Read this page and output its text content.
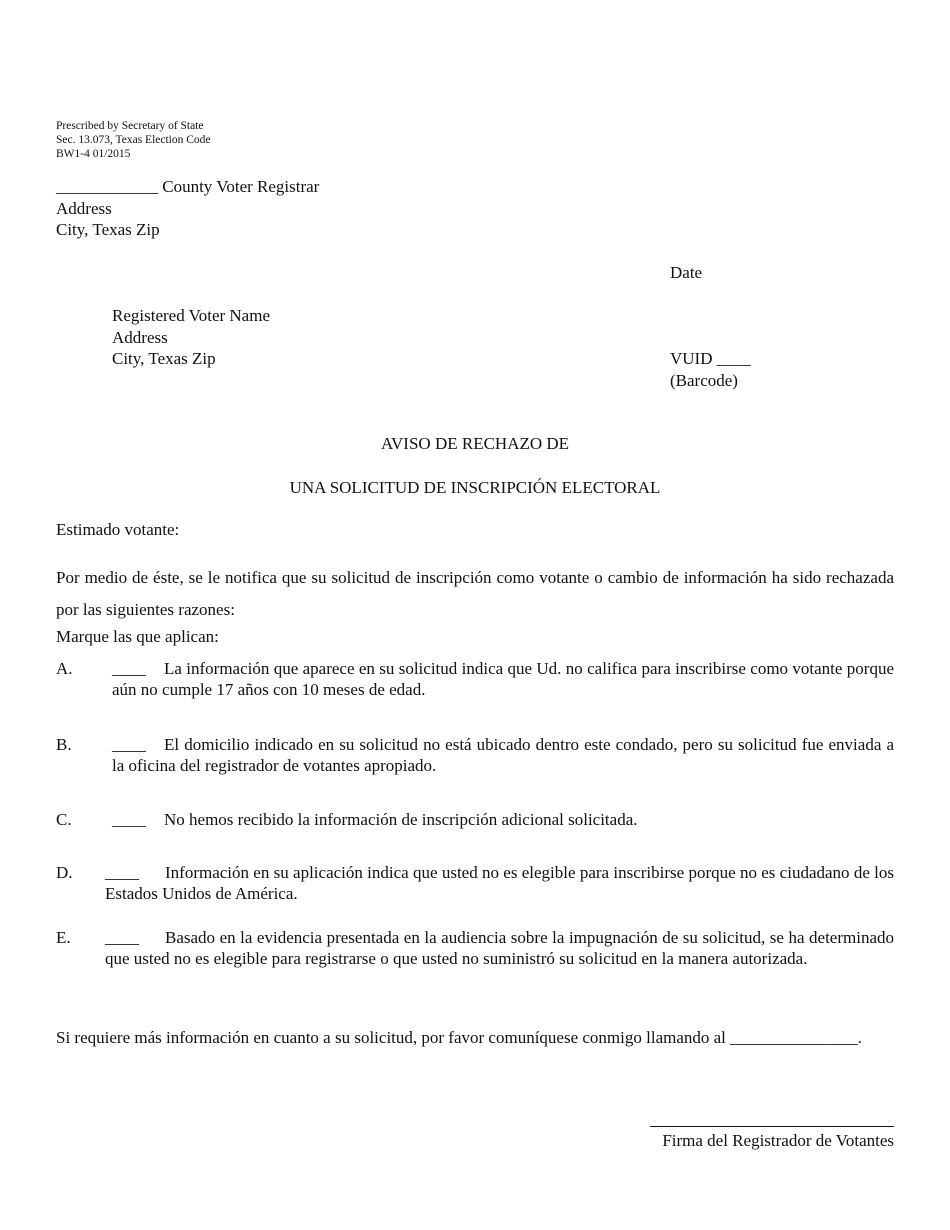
Prescribed by Secretary of State
Sec. 13.073, Texas Election Code
BW1-4 01/2015
____________ County Voter Registrar
Address
City, Texas Zip
Date
Registered Voter Name
Address
City, Texas Zip	VUID ____
(Barcode)
AVISO DE RECHAZO DE
UNA SOLICITUD DE INSCRIPCIÓN ELECTORAL
Estimado votante:
Por medio de éste, se le notifica que su solicitud de inscripción como votante o cambio de información ha sido rechazada por las siguientes razones:
Marque las que aplican:
A. ____ La información que aparece en su solicitud indica que Ud. no califica para inscribirse como votante porque aún no cumple 17 años con 10 meses de edad.
B. ____ El domicilio indicado en su solicitud no está ubicado dentro este condado, pero su solicitud fue enviada a la oficina del registrador de votantes apropiado.
C. ____ No hemos recibido la información de inscripción adicional solicitada.
D. ____ Información en su aplicación indica que usted no es elegible para inscribirse porque no es ciudadano de los Estados Unidos de América.
E. ____ Basado en la evidencia presentada en la audiencia sobre la impugnación de su solicitud, se ha determinado que usted no es elegible para registrarse o que usted no suministró su solicitud en la manera autorizada.
Si requiere más información en cuanto a su solicitud, por favor comuníquese conmigo llamando al _______________.
Firma del Registrador de Votantes
